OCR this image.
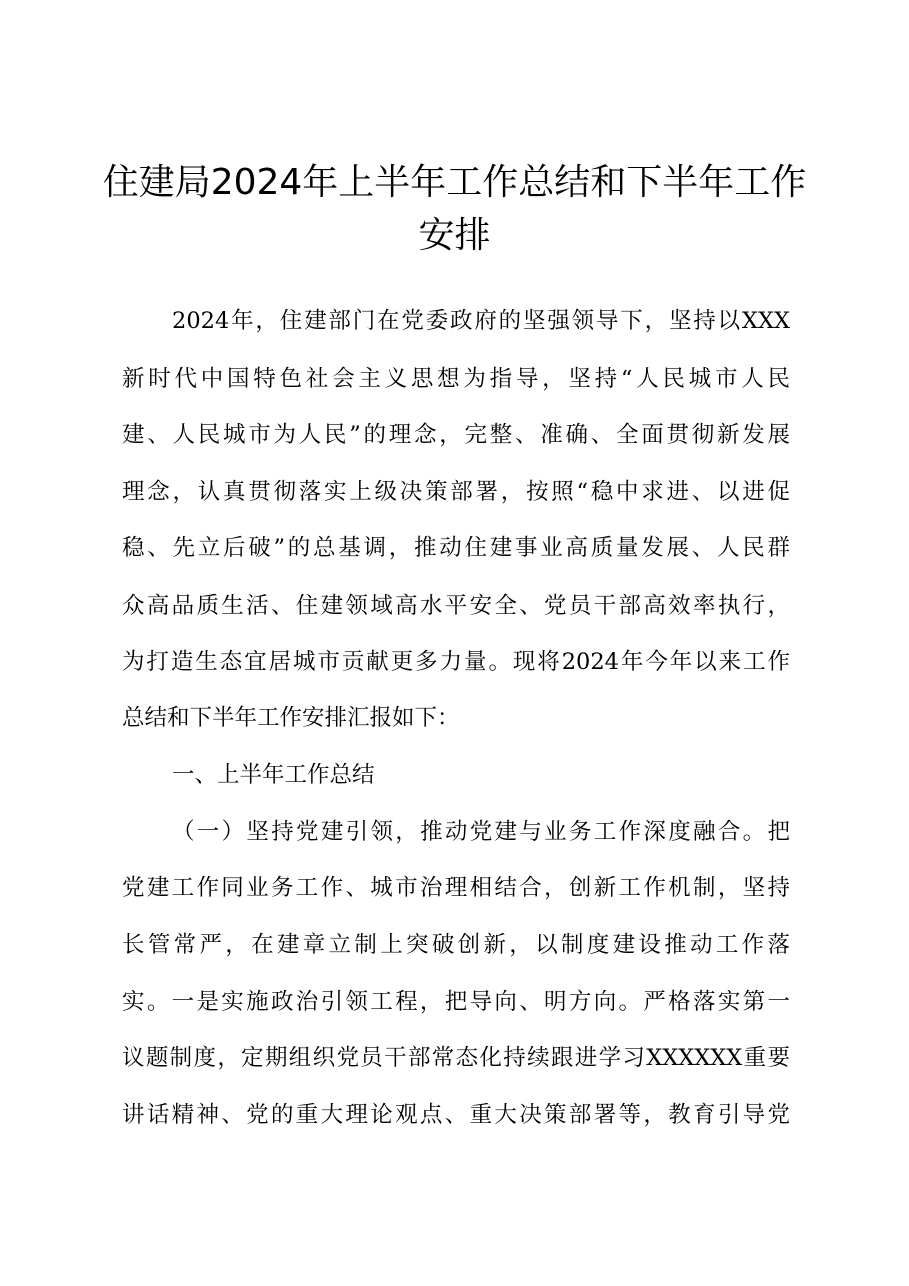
住建局2024年上半年工作总结和下半年工作
安排
2024年，住建部门在党委政府的坚强领导下，坚持以XXX
新时代中国特色社会主义思想为指导，坚持“人民城市人民
建、人民城市为人民”的理念，完整、准确、全面贯彻新发展
理念，认真贯彻落实上级决策部署，按照“稳中求进、以进促
稳、先立后破”的总基调，推动住建事业高质量发展、人民群
众高品质生活、住建领域高水平安全、党员干部高效率执行，
为打造生态宜居城市贡献更多力量。现将2024年今年以来工作
总结和下半年工作安排汇报如下：
一、上半年工作总结
（一）坚持党建引领，推动党建与业务工作深度融合。把
党建工作同业务工作、城市治理相结合，创新工作机制，坚持
长管常严，在建章立制上突破创新，以制度建设推动工作落
实。一是实施政治引领工程，把导向、明方向。严格落实第一
议题制度，定期组织党员干部常态化持续跟进学习XXXXXX重要
讲话精神、党的重大理论观点、重大决策部署等，教育引导党
